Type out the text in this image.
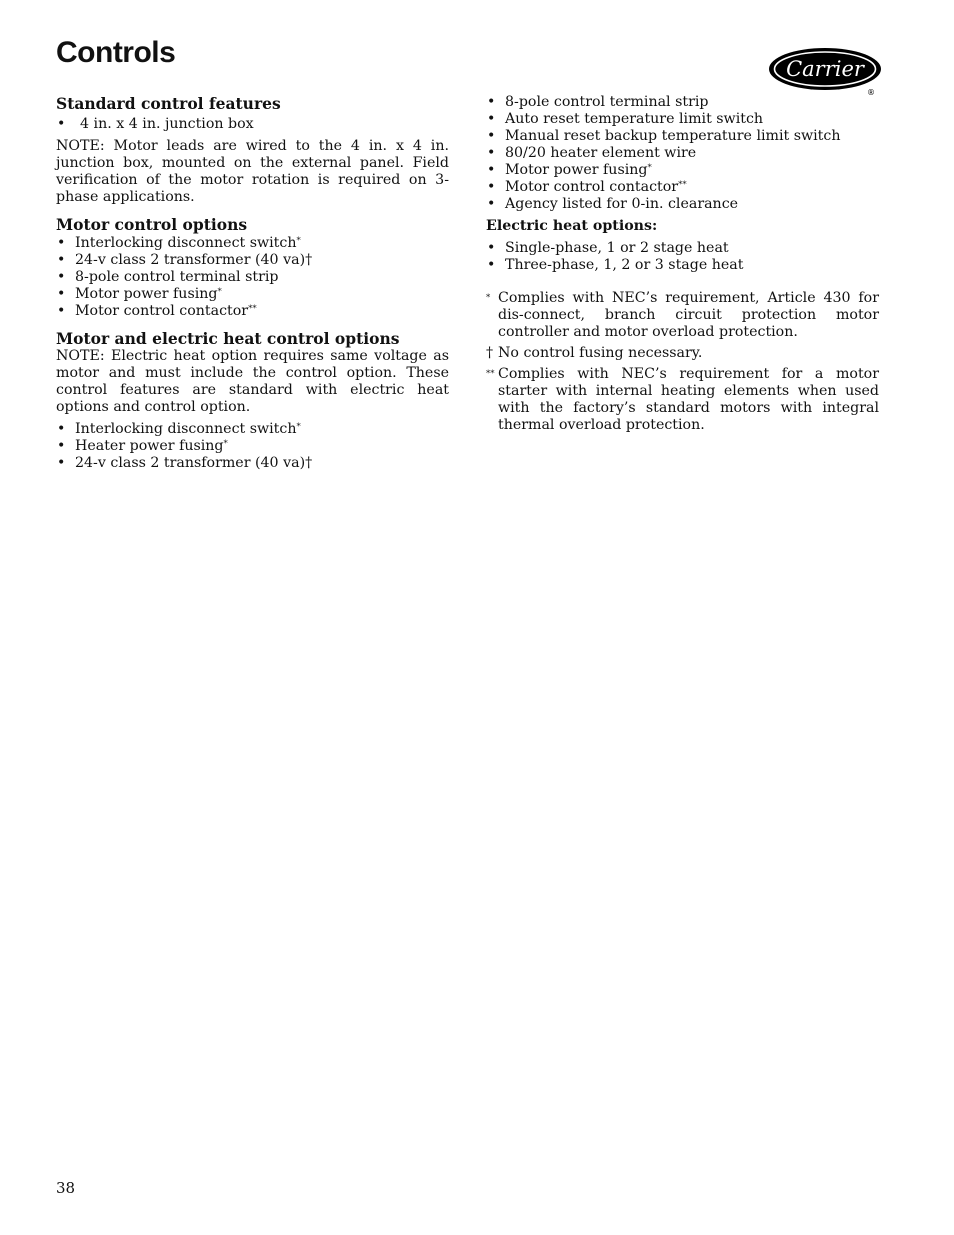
Controls	Carrier
®
Standard control features
• 4 in. x 4 in. junction box

NOTE: Motor leads are wired to the 4 in. x 4 in. junction box, mounted on the external panel. Field verification of the motor rotation is required on 3-phase applications.

Motor control options
• Interlocking disconnect switch*
• 24-v class 2 transformer (40 va)†
• 8-pole control terminal strip
• Motor power fusing*
• Motor control contactor**
Motor and electric heat control options

NOTE: Electric heat option requires same voltage as motor and must include the control option. These control features are standard with electric heat options and control option.

• Interlocking disconnect switch*
• Heater power fusing*
• 24-v class 2 transformer (40 va)†
• 8-pole control terminal strip
• Auto reset temperature limit switch
• Manual reset backup temperature limit switch
• 80/20 heater element wire
• Motor power fusing*
• Motor control contactor**
• Agency listed for 0-in. clearance
Electric heat options:
• Single-phase, 1 or 2 stage heat
• Three-phase, 1, 2 or 3 stage heat

* Complies with NEC’s requirement, Article 430 for dis-connect, branch circuit protection motor controller and motor overload protection.

† No control fusing necessary.

** Complies with NEC’s requirement for a motor starter with internal heating elements when used with the factory’s standard motors with integral thermal overload protection.

38
